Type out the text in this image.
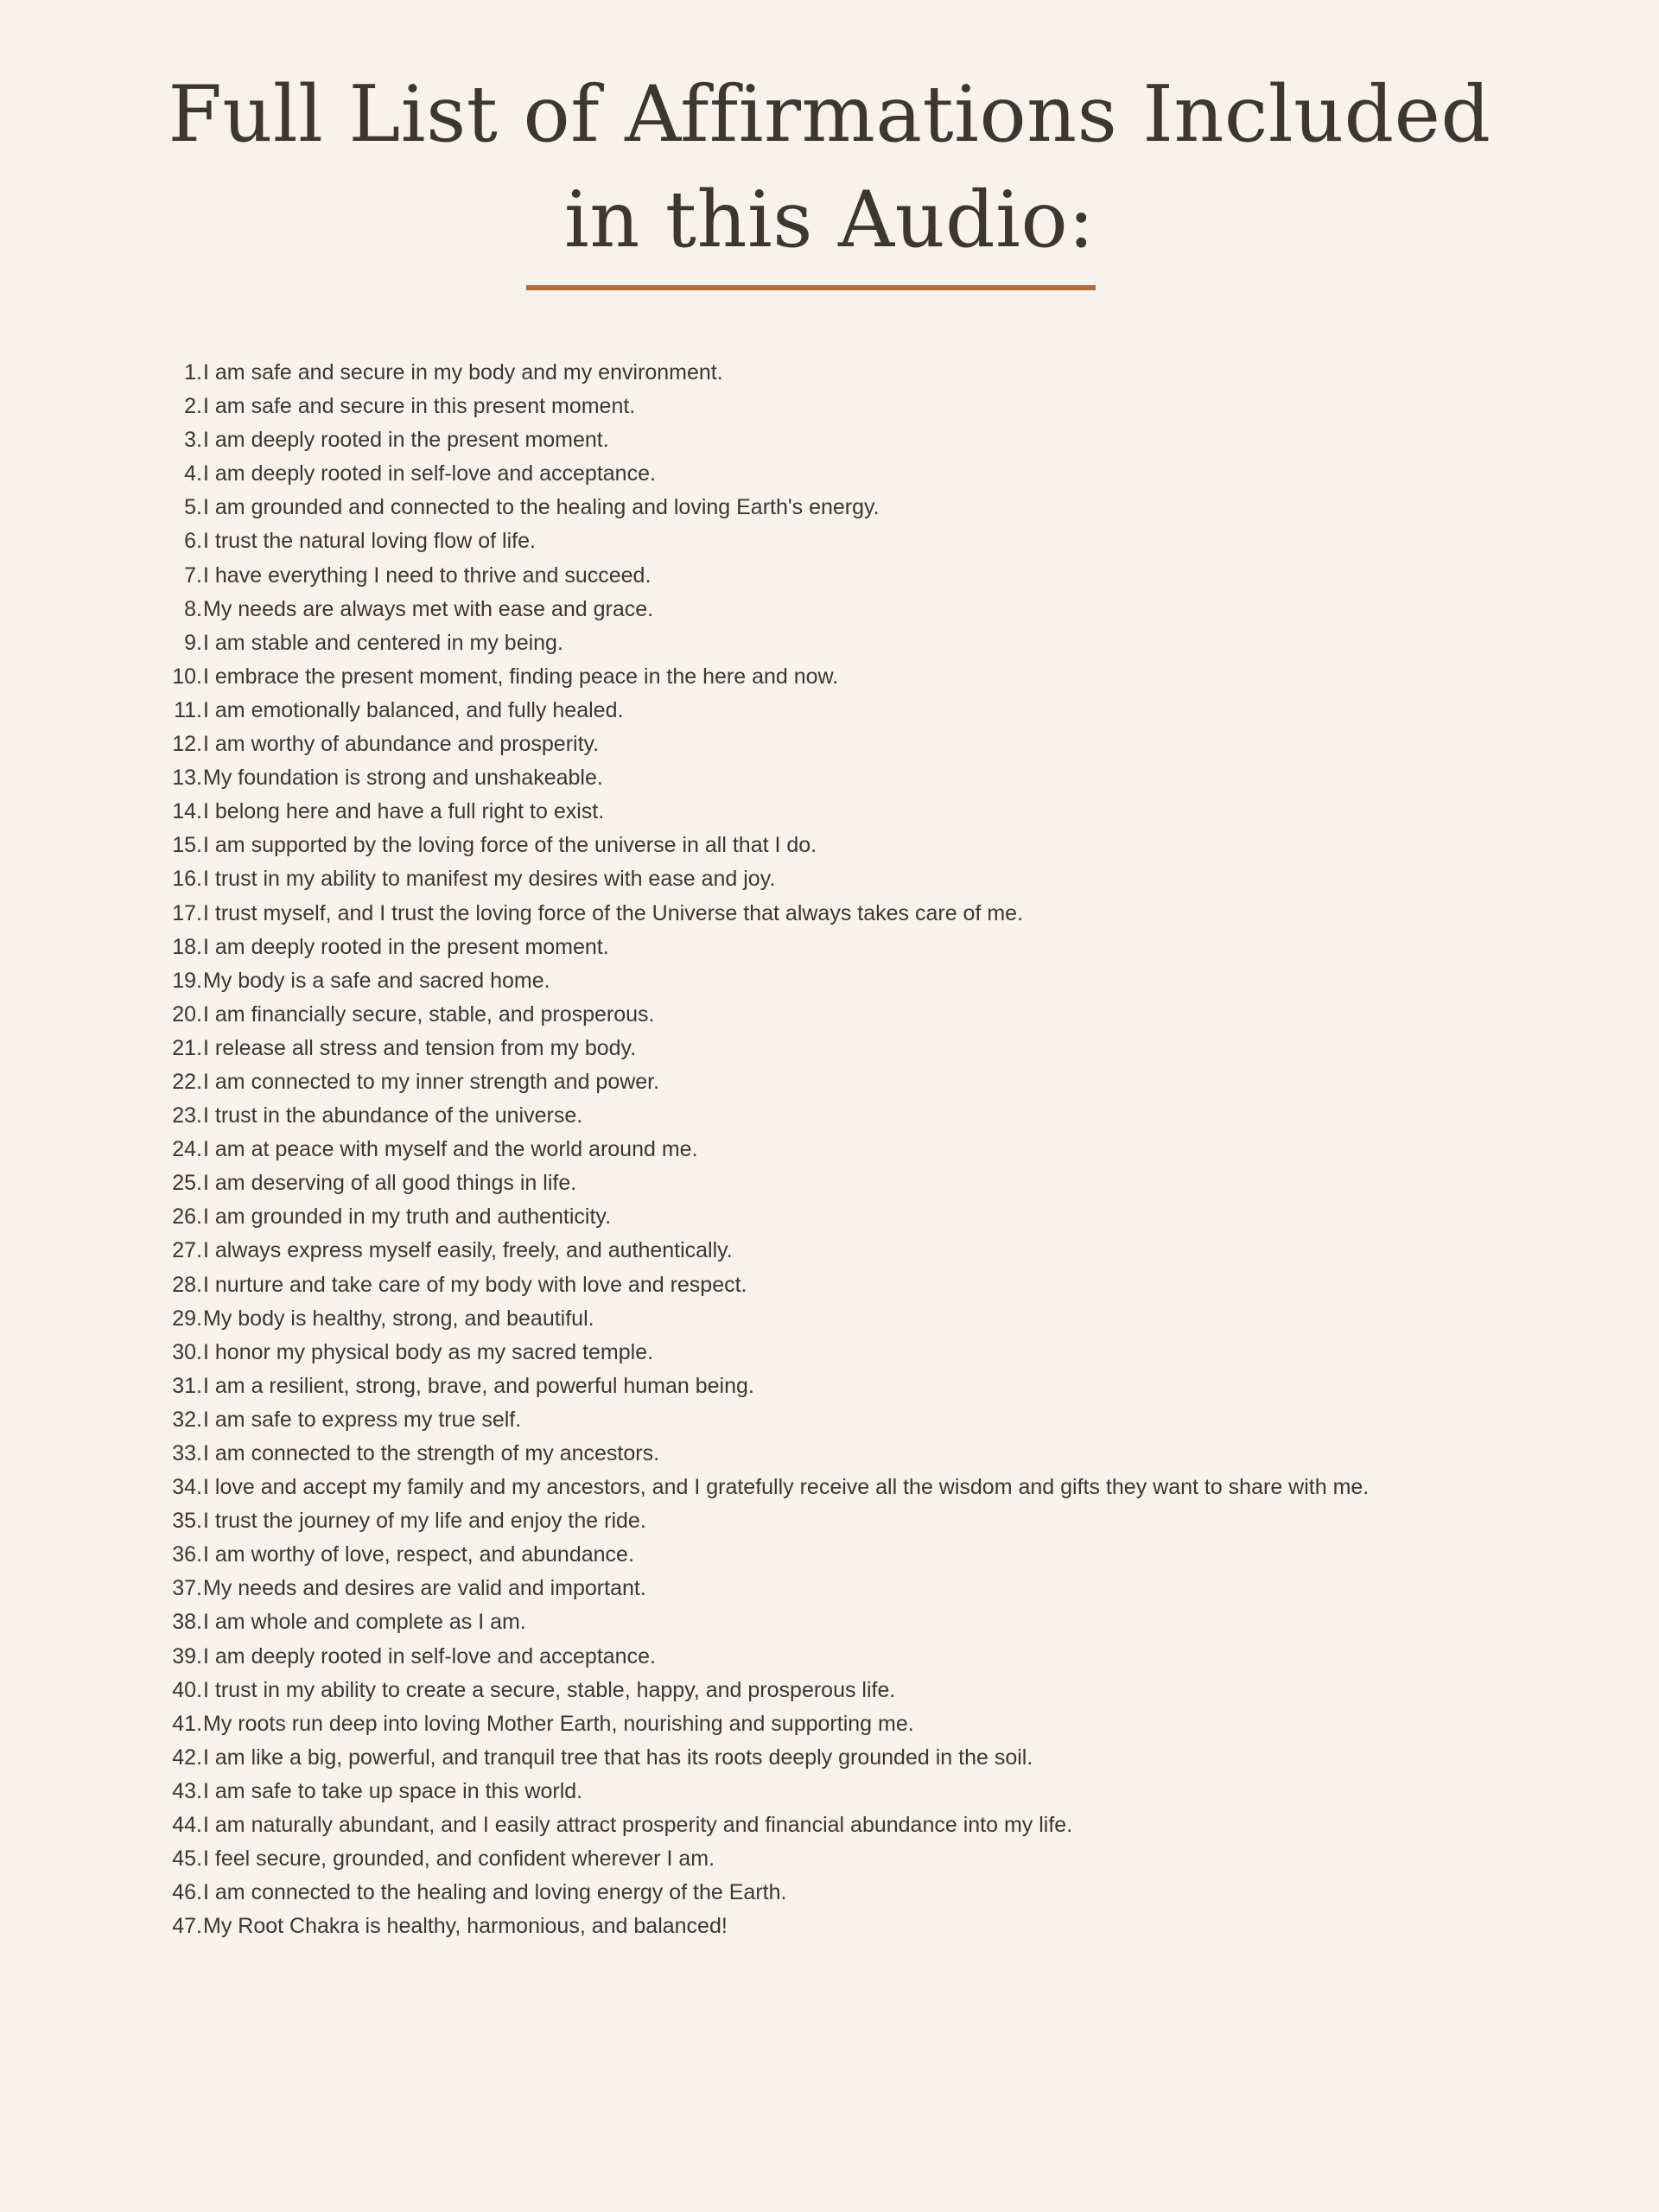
Full List of Affirmations Included
in this Audio:
1. I am safe and secure in my body and my environment.
2. I am safe and secure in this present moment.
3. I am deeply rooted in the present moment.
4. I am deeply rooted in self-love and acceptance.
5. I am grounded and connected to the healing and loving Earth's energy.
6. I trust the natural loving flow of life.
7. I have everything I need to thrive and succeed.
8. My needs are always met with ease and grace.
9. I am stable and centered in my being.
10. I embrace the present moment, finding peace in the here and now.
11. I am emotionally balanced, and fully healed.
12. I am worthy of abundance and prosperity.
13. My foundation is strong and unshakeable.
14. I belong here and have a full right to exist.
15. I am supported by the loving force of the universe in all that I do.
16. I trust in my ability to manifest my desires with ease and joy.
17. I trust myself, and I trust the loving force of the Universe that always takes care of me.
18. I am deeply rooted in the present moment.
19. My body is a safe and sacred home.
20. I am financially secure, stable, and prosperous.
21. I release all stress and tension from my body.
22. I am connected to my inner strength and power.
23. I trust in the abundance of the universe.
24. I am at peace with myself and the world around me.
25. I am deserving of all good things in life.
26. I am grounded in my truth and authenticity.
27. I always express myself easily, freely, and authentically.
28. I nurture and take care of my body with love and respect.
29. My body is healthy, strong, and beautiful.
30. I honor my physical body as my sacred temple.
31. I am a resilient, strong, brave, and powerful human being.
32. I am safe to express my true self.
33. I am connected to the strength of my ancestors.
34. I love and accept my family and my ancestors, and I gratefully receive all the wisdom and gifts they want to share with me.
35. I trust the journey of my life and enjoy the ride.
36. I am worthy of love, respect, and abundance.
37. My needs and desires are valid and important.
38. I am whole and complete as I am.
39. I am deeply rooted in self-love and acceptance.
40. I trust in my ability to create a secure, stable, happy, and prosperous life.
41. My roots run deep into loving Mother Earth, nourishing and supporting me.
42. I am like a big, powerful, and tranquil tree that has its roots deeply grounded in the soil.
43. I am safe to take up space in this world.
44. I am naturally abundant, and I easily attract prosperity and financial abundance into my life.
45. I feel secure, grounded, and confident wherever I am.
46. I am connected to the healing and loving energy of the Earth.
47. My Root Chakra is healthy, harmonious, and balanced!
